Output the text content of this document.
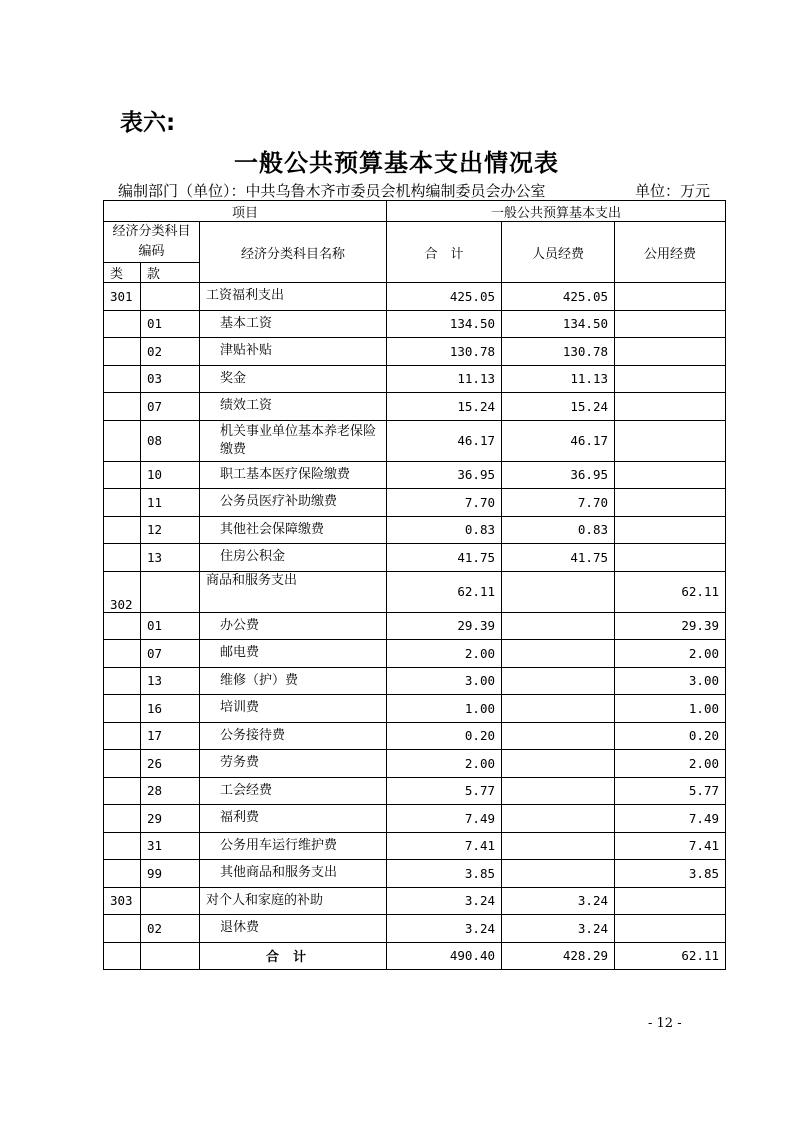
表六:
一般公共预算基本支出情况表
编制部门（单位）：中共乌鲁木齐市委员会机构编制委员会办公室	单位：万元
项目			一般公共预算基本支出		
经济分类科目编码		经济分类科目名称	合　计	人员经费	公用经费
类	款				
301		工资福利支出	425.05	425.05	
	01	基本工资	134.50	134.50	
	02	津贴补贴	130.78	130.78	
	03	奖金	11.13	11.13	
	07	绩效工资	15.24	15.24	
	08	机关事业单位基本养老保险缴费	46.17	46.17	
	10	职工基本医疗保险缴费	36.95	36.95	
	11	公务员医疗补助缴费	7.70	7.70	
	12	其他社会保障缴费	0.83	0.83	
	13	住房公积金	41.75	41.75	
302		商品和服务支出	62.11		62.11
	01	办公费	29.39		29.39
	07	邮电费	2.00		2.00
	13	维修（护）费	3.00		3.00
	16	培训费	1.00		1.00
	17	公务接待费	0.20		0.20
	26	劳务费	2.00		2.00
	28	工会经费	5.77		5.77
	29	福利费	7.49		7.49
	31	公务用车运行维护费	7.41		7.41
	99	其他商品和服务支出	3.85		3.85
303		对个人和家庭的补助	3.24	3.24	
	02	退休费	3.24	3.24	
		合计	490.40	428.29	62.11
- 12 -
